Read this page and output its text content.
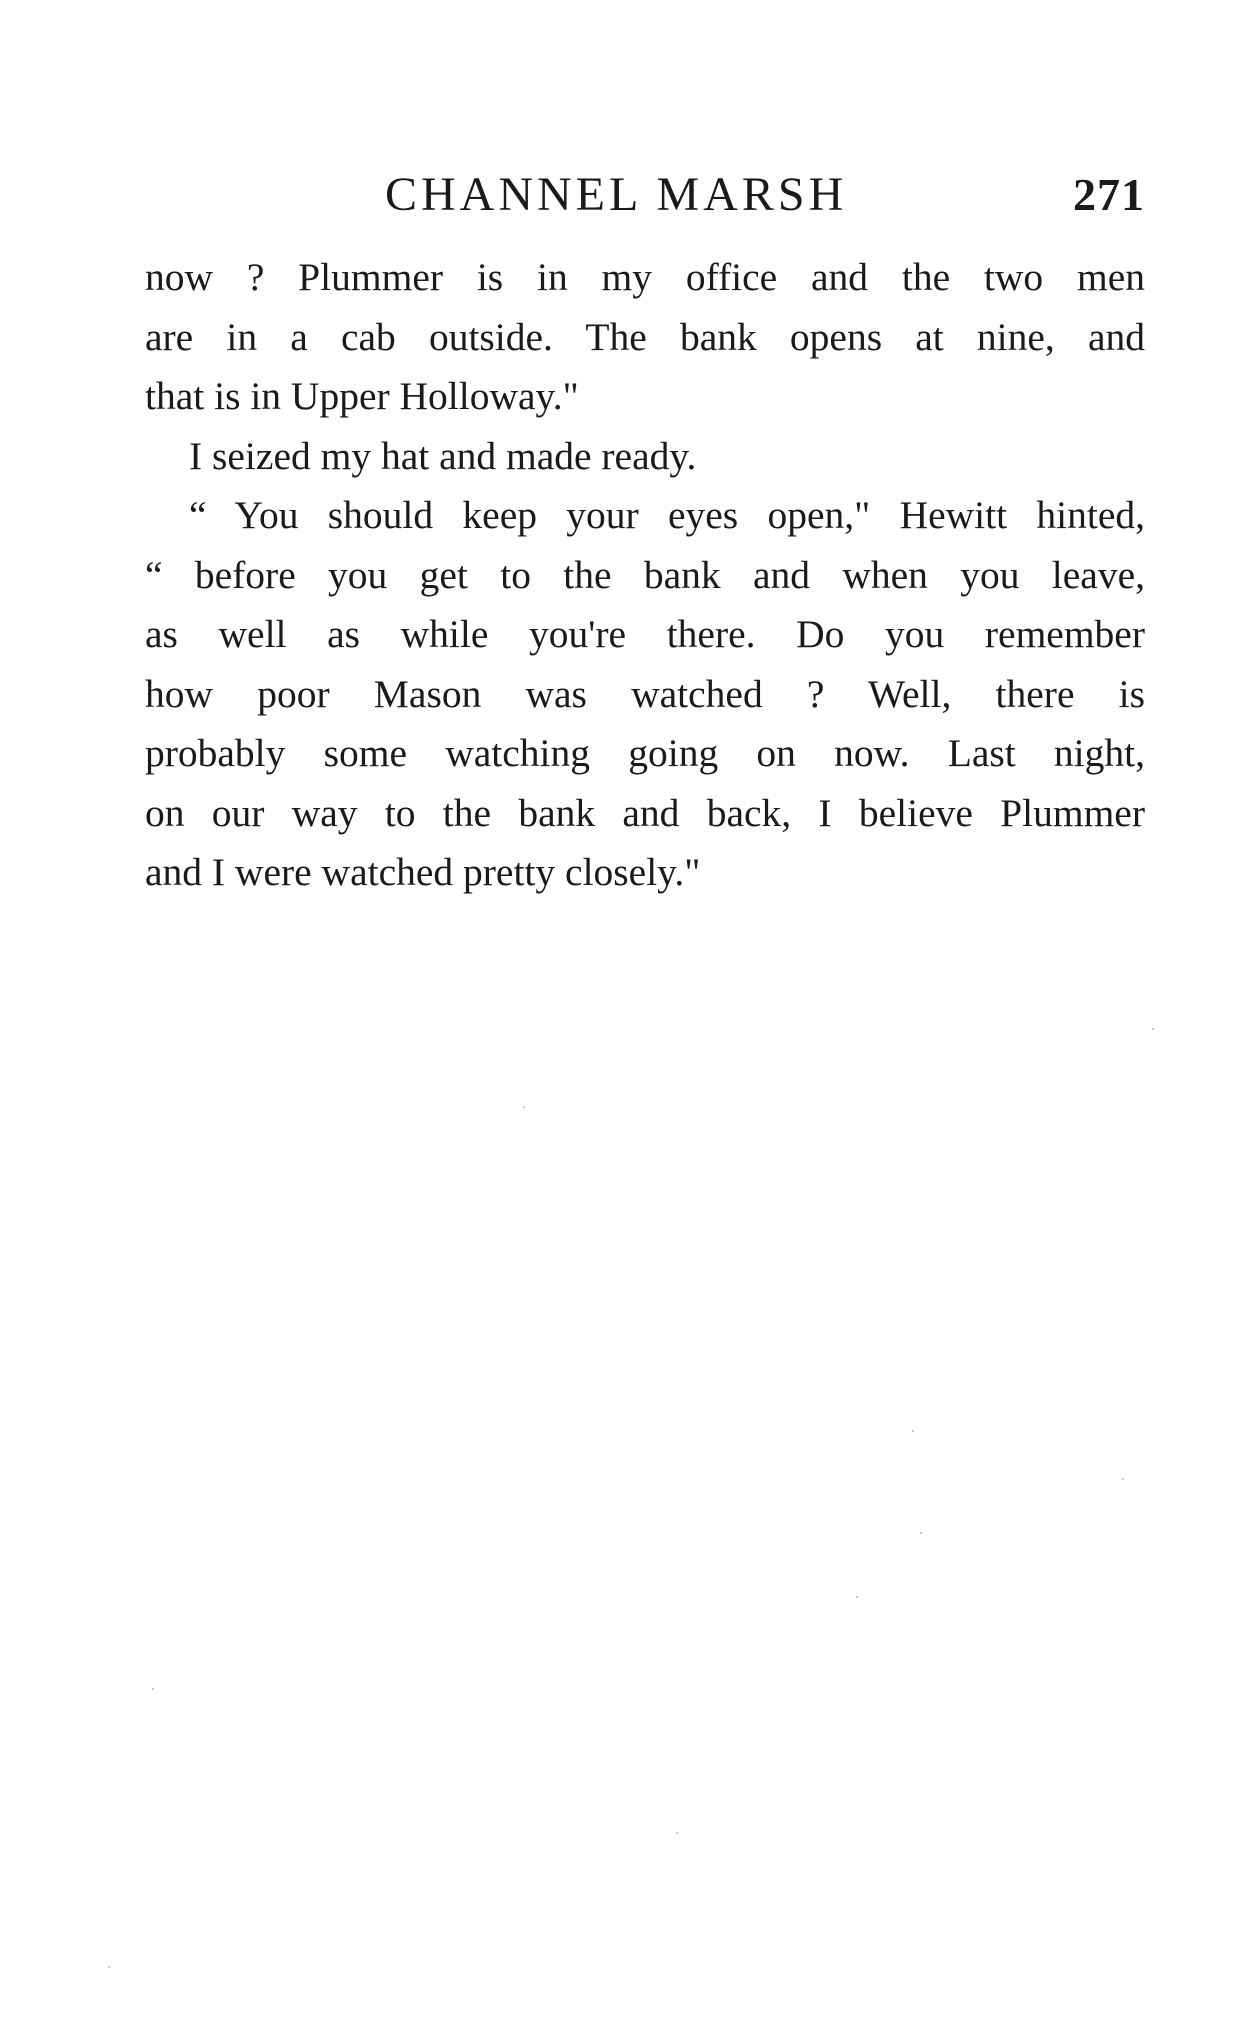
CHANNEL MARSH	271
now ? Plummer is in my office and the two men
are in a cab outside. The bank opens at nine, and
that is in Upper Holloway."
I seized my hat and made ready.
“ You should keep your eyes open," Hewitt hinted,
“ before you get to the bank and when you leave,
as well as while you're there. Do you remember
how poor Mason was watched ? Well, there is
probably some watching going on now. Last night,
on our way to the bank and back, I believe Plummer
and I were watched pretty closely."
